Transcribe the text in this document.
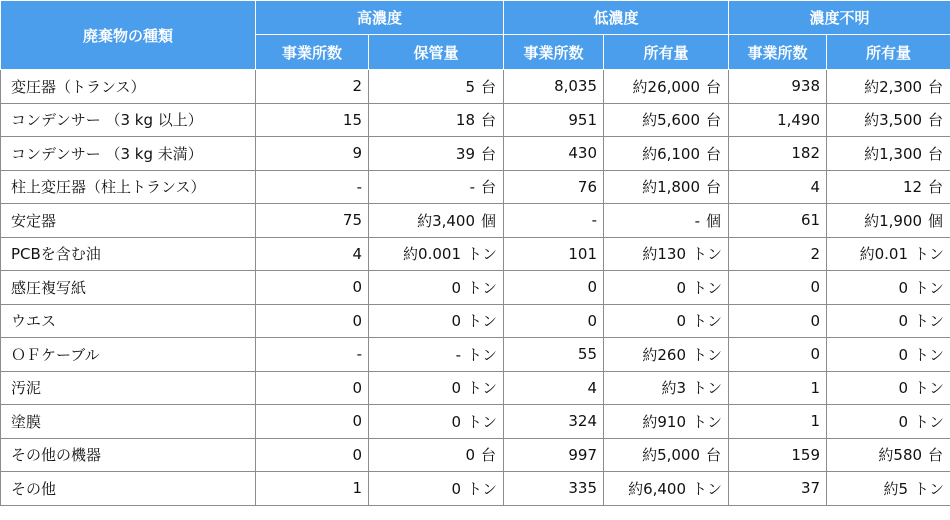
廃棄物の種類	高濃度		低濃度		濃度不明	
	事業所数	保管量	事業所数	所有量	事業所数	所有量
変圧器（トランス）	2	5 台	8,035	約26,000 台	938	約2,300 台
コンデンサー （3 kg 以上）	15	18 台	951	約5,600 台	1,490	約3,500 台
コンデンサー （3 kg 未満）	9	39 台	430	約6,100 台	182	約1,300 台
柱上変圧器（柱上トランス）	-	- 台	76	約1,800 台	4	12 台
安定器	75	約3,400 個	-	- 個	61	約1,900 個
PCBを含む油	4	約0.001 トン	101	約130 トン	2	約0.01 トン
感圧複写紙	0	0 トン	0	0 トン	0	0 トン
ウエス	0	0 トン	0	0 トン	0	0 トン
ＯＦケーブル	-	- トン	55	約260 トン	0	0 トン
汚泥	0	0 トン	4	約3 トン	1	0 トン
塗膜	0	0 トン	324	約910 トン	1	0 トン
その他の機器	0	0 台	997	約5,000 台	159	約580 台
その他	1	0 トン	335	約6,400 トン	37	約5 トン
